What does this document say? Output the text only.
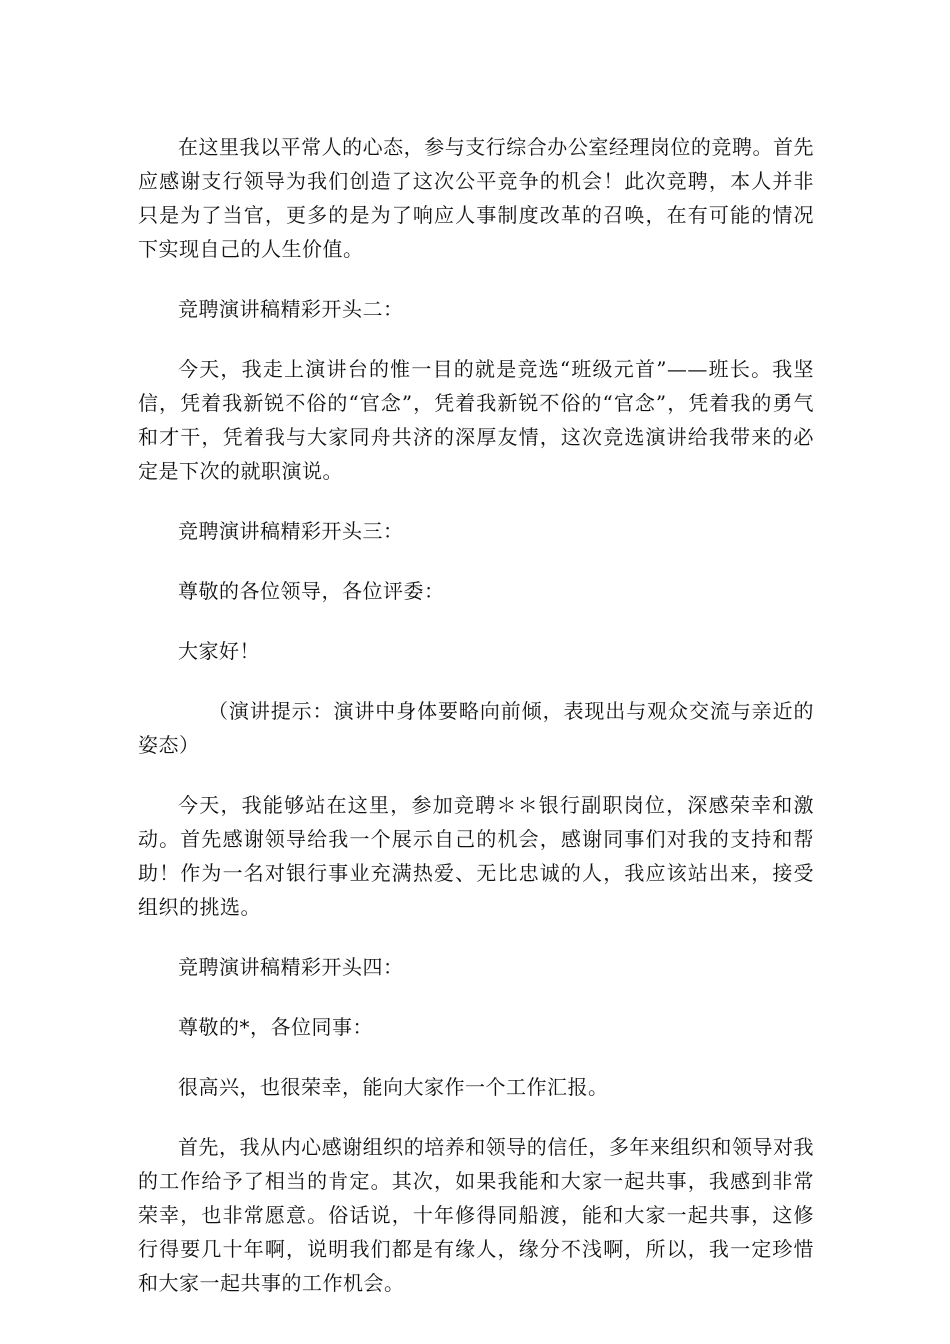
在这里我以平常人的心态，参与支行综合办公室经理岗位的竞聘。首先应感谢支行领导为我们创造了这次公平竞争的机会！此次竞聘，本人并非只是为了当官，更多的是为了响应人事制度改革的召唤，在有可能的情况下实现自己的人生价值。

竞聘演讲稿精彩开头二：

今天，我走上演讲台的惟一目的就是竞选“班级元首”——班长。我坚信，凭着我新锐不俗的“官念”，凭着我新锐不俗的“官念”，凭着我的勇气和才干，凭着我与大家同舟共济的深厚友情，这次竞选演讲给我带来的必定是下次的就职演说。

竞聘演讲稿精彩开头三：

尊敬的各位领导，各位评委：

大家好！

（演讲提示：演讲中身体要略向前倾，表现出与观众交流与亲近的姿态）

今天，我能够站在这里，参加竞聘＊＊银行副职岗位，深感荣幸和激动。首先感谢领导给我一个展示自己的机会，感谢同事们对我的支持和帮助！作为一名对银行事业充满热爱、无比忠诚的人，我应该站出来，接受组织的挑选。

竞聘演讲稿精彩开头四：

尊敬的*，各位同事：

很高兴，也很荣幸，能向大家作一个工作汇报。

首先，我从内心感谢组织的培养和领导的信任，多年来组织和领导对我的工作给予了相当的肯定。其次，如果我能和大家一起共事，我感到非常荣幸，也非常愿意。俗话说，十年修得同船渡，能和大家一起共事，这修行得要几十年啊，说明我们都是有缘人，缘分不浅啊，所以，我一定珍惜和大家一起共事的工作机会。
